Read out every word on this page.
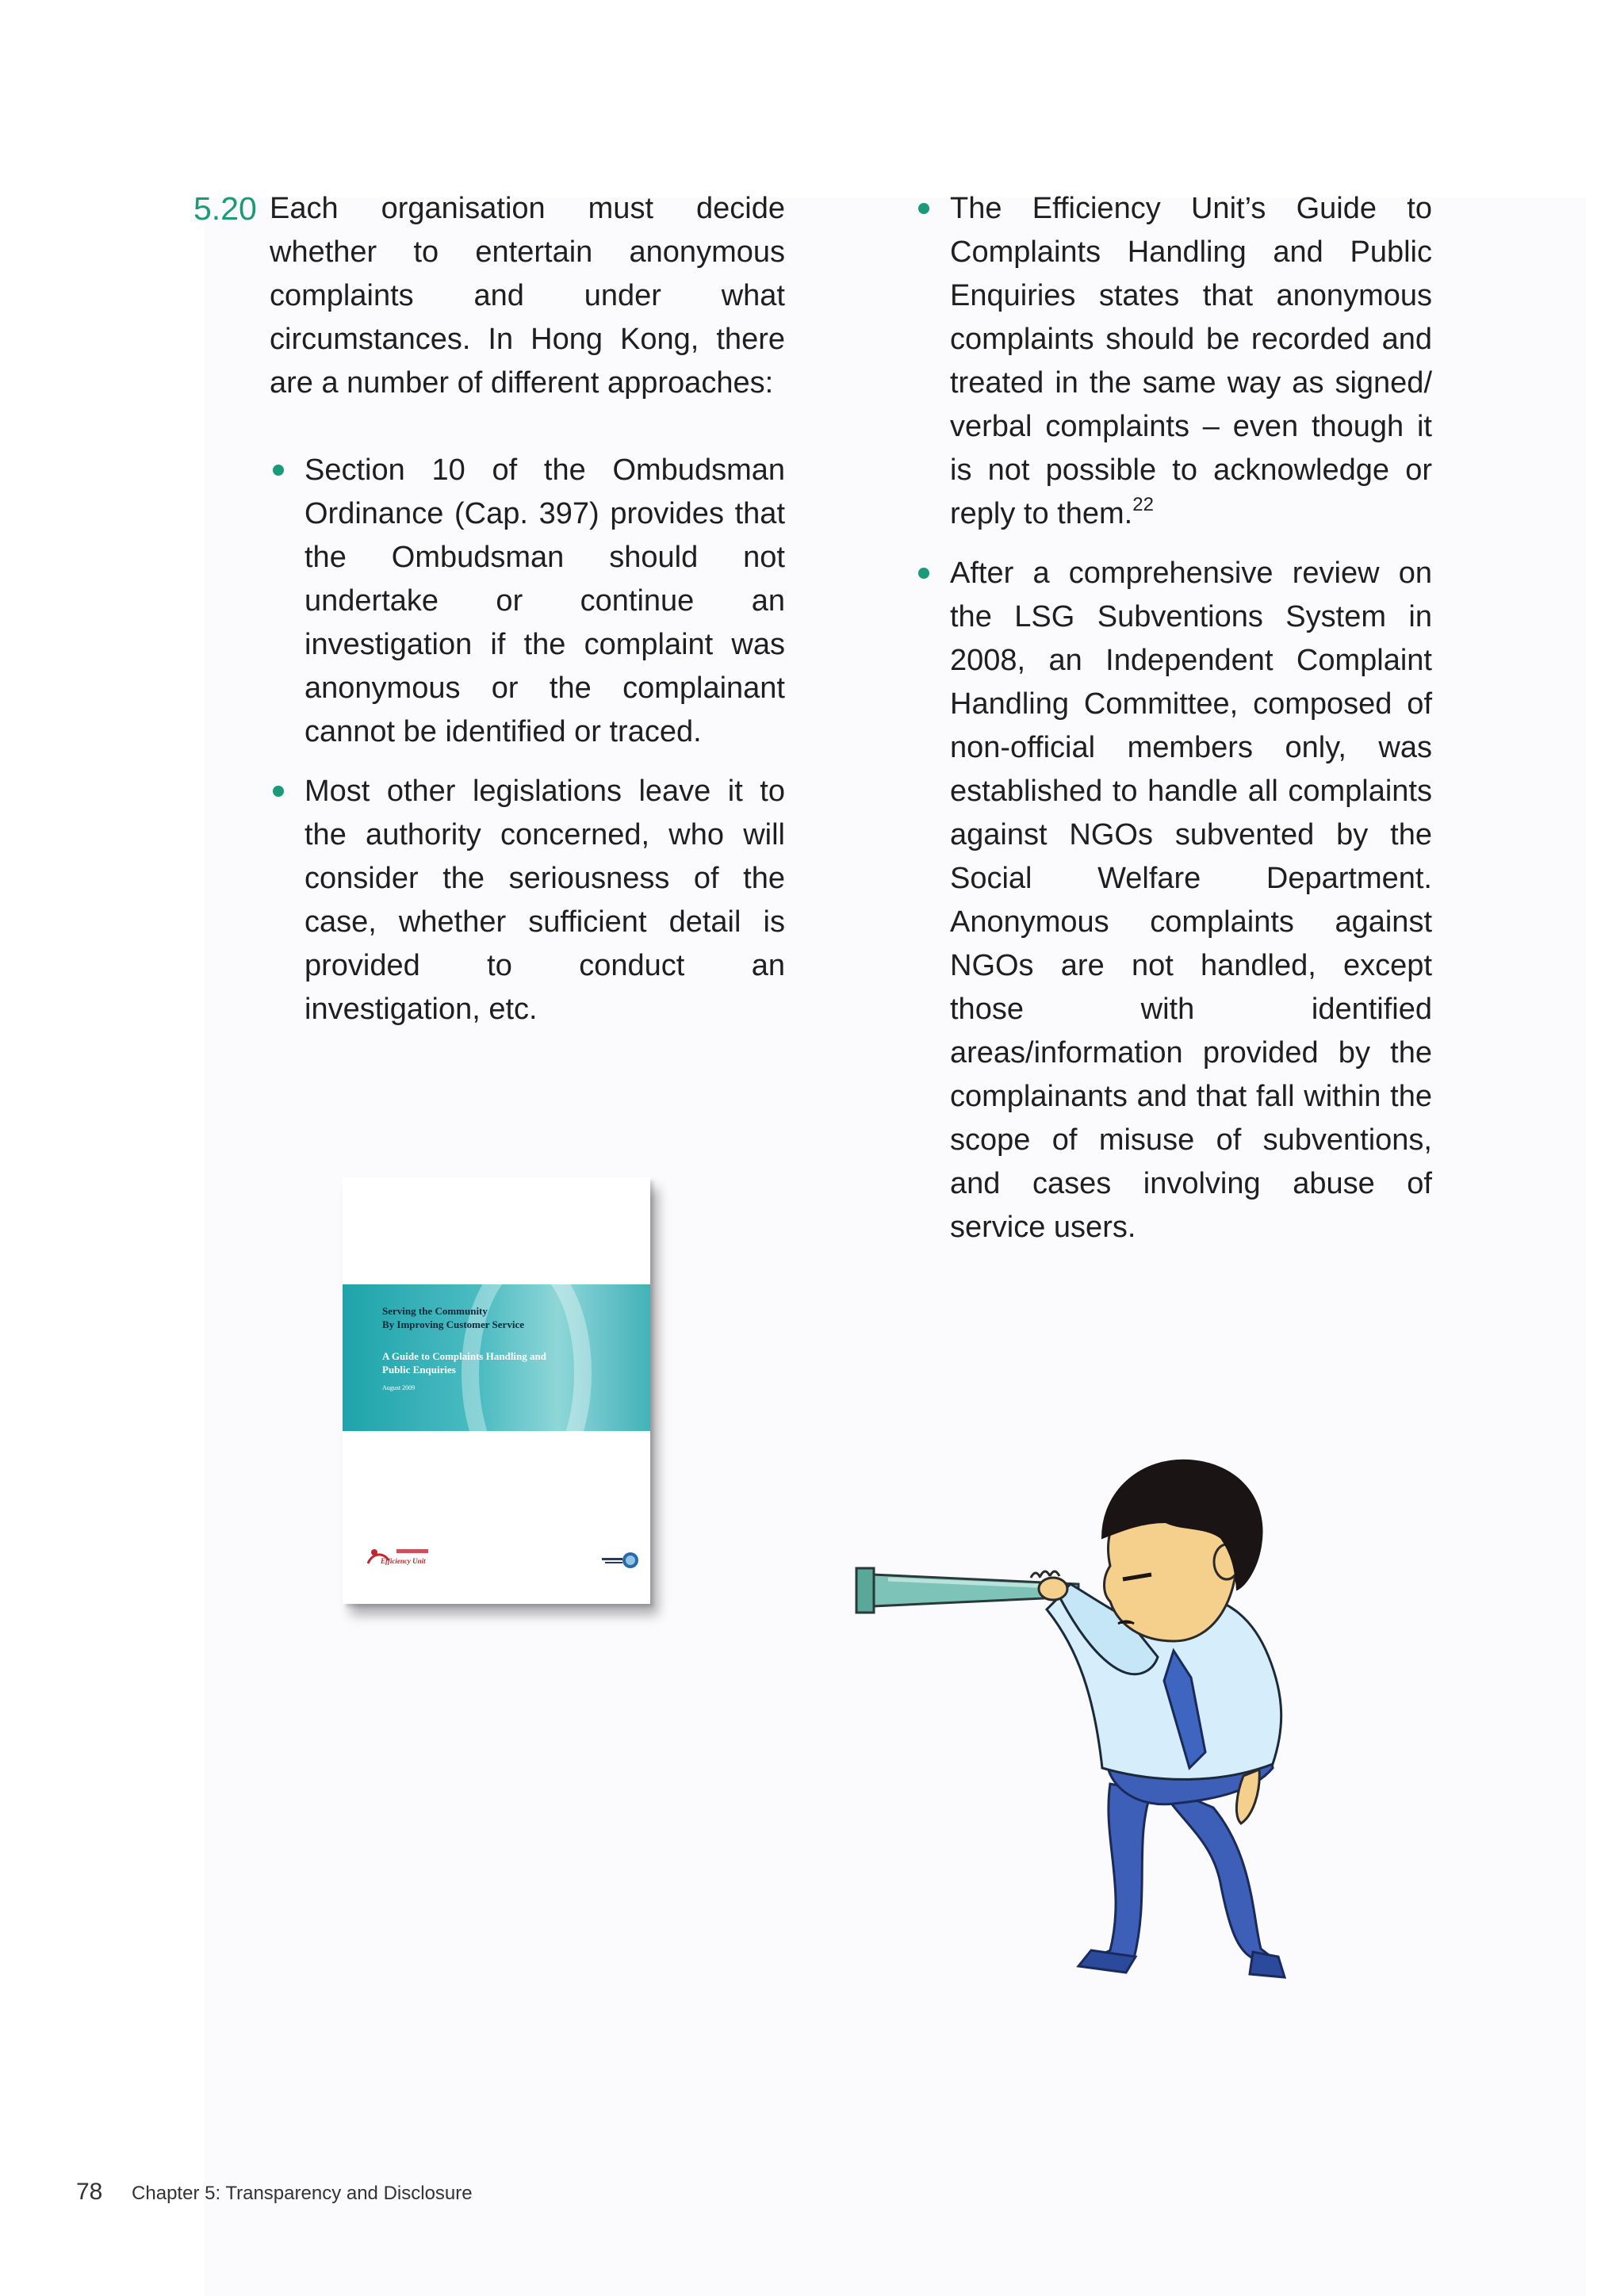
5.20 Each organisation must decide whether to entertain anonymous complaints and under what circumstances. In Hong Kong, there are a number of different approaches:

Section 10 of the Ombudsman Ordinance (Cap. 397) provides that the Ombudsman should not undertake or continue an investigation if the complaint was anonymous or the complainant cannot be identified or traced.
Most other legislations leave it to the authority concerned, who will consider the seriousness of the case, whether sufficient detail is provided to conduct an investigation, etc.
The Efficiency Unit’s Guide to Complaints Handling and Public Enquiries states that anonymous complaints should be recorded and treated in the same way as signed/ verbal complaints – even though it is not possible to acknowledge or reply to them.$^{22}$
After a comprehensive review on the LSG Subventions System in 2008, an Independent Complaint Handling Committee, composed of non-official members only, was established to handle all complaints against NGOs subvented by the Social Welfare Department. Anonymous complaints against NGOs are not handled, except those with identified areas/information provided by the complainants and that fall within the scope of misuse of subventions, and cases involving abuse of service users.
Serving the Community
By Improving Customer Service
A Guide to Complaints Handling and
Public Enquiries
August 2009
Efficiency Unit
78 Chapter 5: Transparency and Disclosure
